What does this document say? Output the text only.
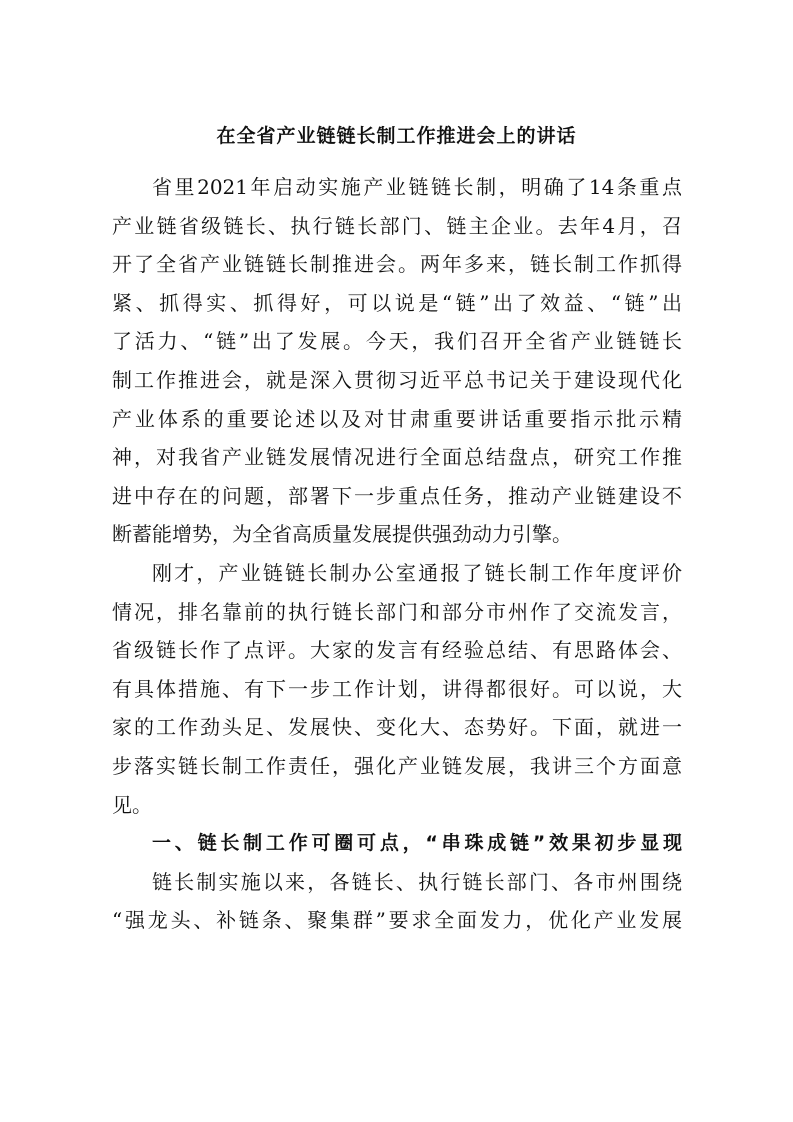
在全省产业链链长制工作推进会上的讲话
省里2021年启动实施产业链链长制，明确了14条重点
产业链省级链长、执行链长部门、链主企业。去年4月，召
开了全省产业链链长制推进会。两年多来，链长制工作抓得
紧、抓得实、抓得好，可以说是“链”出了效益、“链”出
了活力、“链”出了发展。今天，我们召开全省产业链链长
制工作推进会，就是深入贯彻习近平总书记关于建设现代化
产业体系的重要论述以及对甘肃重要讲话重要指示批示精
神，对我省产业链发展情况进行全面总结盘点，研究工作推
进中存在的问题，部署下一步重点任务，推动产业链建设不
断蓄能增势，为全省高质量发展提供强劲动力引擎。
刚才，产业链链长制办公室通报了链长制工作年度评价
情况，排名靠前的执行链长部门和部分市州作了交流发言，
省级链长作了点评。大家的发言有经验总结、有思路体会、
有具体措施、有下一步工作计划，讲得都很好。可以说，大
家的工作劲头足、发展快、变化大、态势好。下面，就进一
步落实链长制工作责任，强化产业链发展，我讲三个方面意
见。
一、链长制工作可圈可点，“串珠成链”效果初步显现
链长制实施以来，各链长、执行链长部门、各市州围绕
“强龙头、补链条、聚集群”要求全面发力，优化产业发展
